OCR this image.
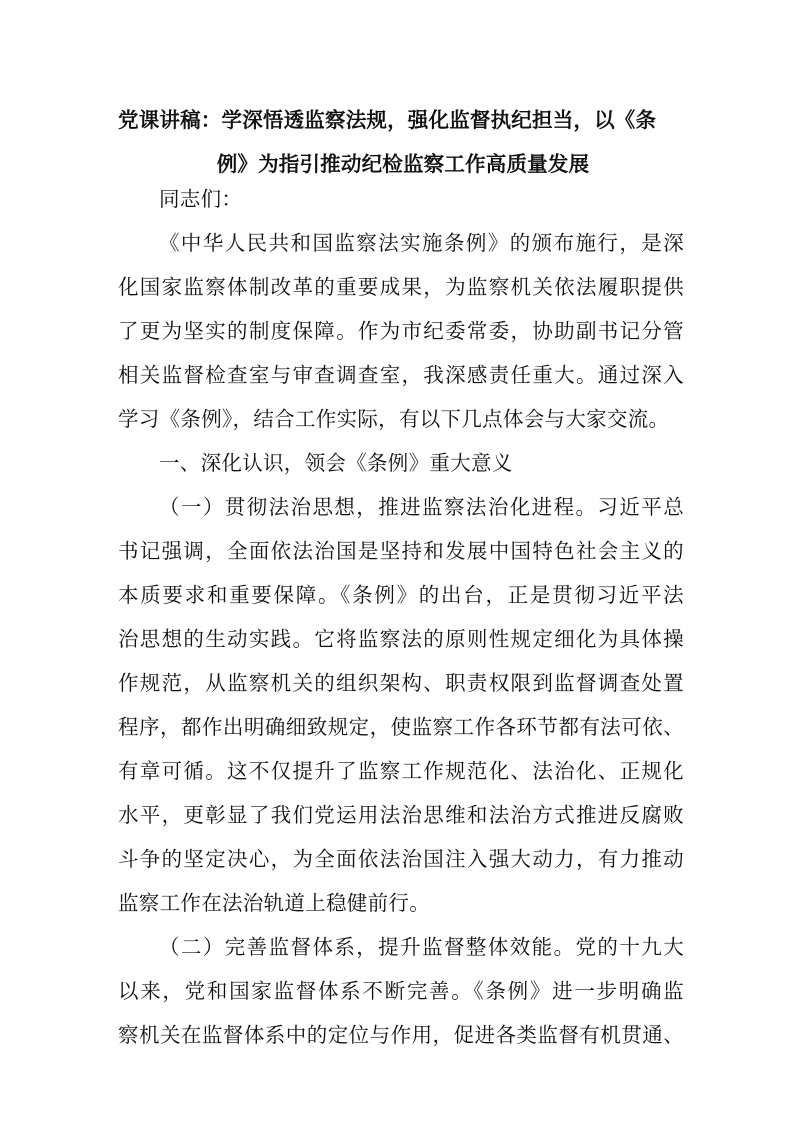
党课讲稿：学深悟透监察法规，强化监督执纪担当，以《条
例》为指引推动纪检监察工作高质量发展
同志们：
《中华人民共和国监察法实施条例》的颁布施行，是深
化国家监察体制改革的重要成果，为监察机关依法履职提供
了更为坚实的制度保障。作为市纪委常委，协助副书记分管
相关监督检查室与审查调查室，我深感责任重大。通过深入
学习《条例》，结合工作实际，有以下几点体会与大家交流。
一、深化认识，领会《条例》重大意义
（一）贯彻法治思想，推进监察法治化进程。习近平总
书记强调，全面依法治国是坚持和发展中国特色社会主义的
本质要求和重要保障。《条例》的出台，正是贯彻习近平法
治思想的生动实践。它将监察法的原则性规定细化为具体操
作规范，从监察机关的组织架构、职责权限到监督调查处置
程序，都作出明确细致规定，使监察工作各环节都有法可依、
有章可循。这不仅提升了监察工作规范化、法治化、正规化
水平，更彰显了我们党运用法治思维和法治方式推进反腐败
斗争的坚定决心，为全面依法治国注入强大动力，有力推动
监察工作在法治轨道上稳健前行。
（二）完善监督体系，提升监督整体效能。党的十九大
以来，党和国家监督体系不断完善。《条例》进一步明确监
察机关在监督体系中的定位与作用，促进各类监督有机贯通、
